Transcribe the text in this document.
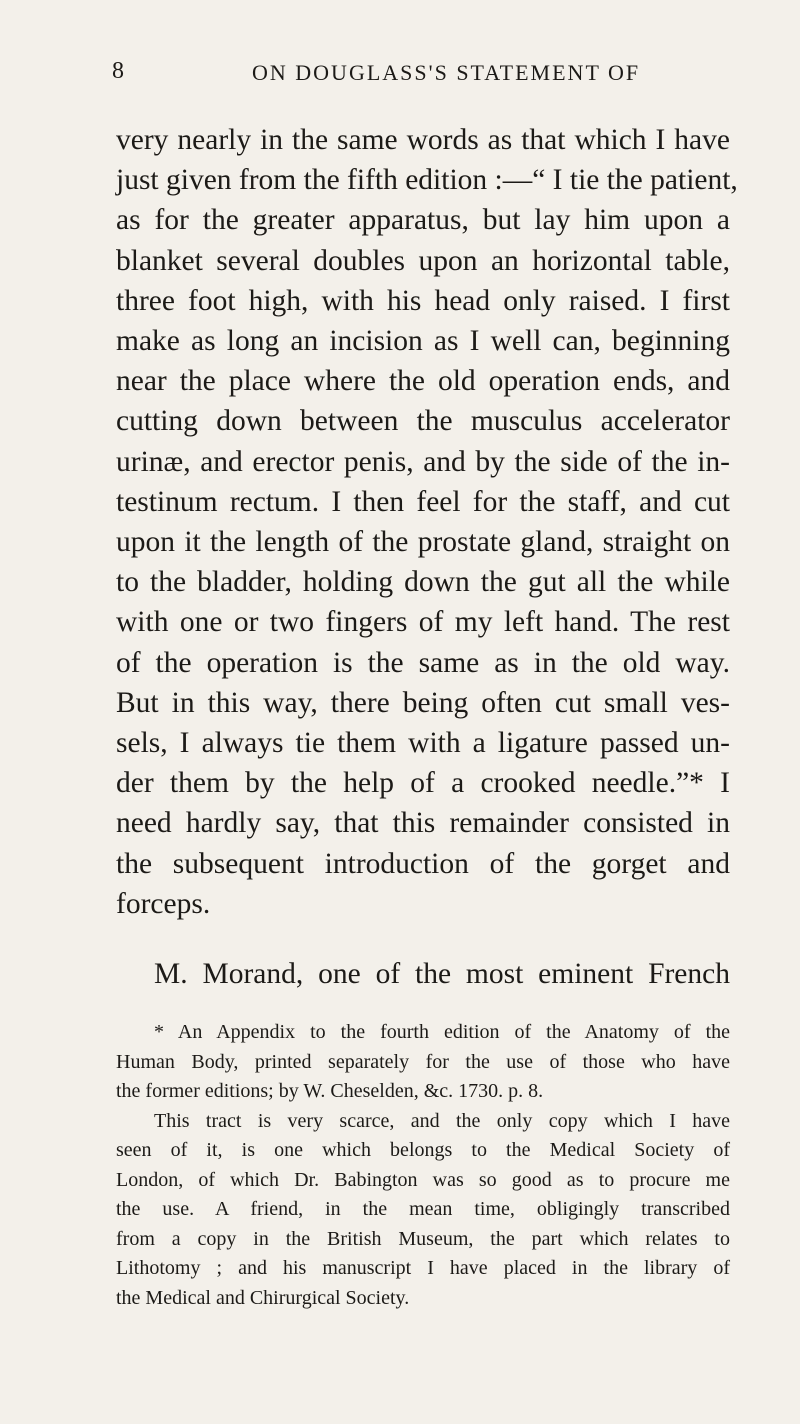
8	ON DOUGLASS'S STATEMENT OF
very nearly in the same words as that which I have
just given from the fifth edition :—“ I tie the patient,
as for the greater apparatus, but lay him upon a
blanket several doubles upon an horizontal table,
three foot high, with his head only raised. I first
make as long an incision as I well can, beginning
near the place where the old operation ends, and
cutting down between the musculus accelerator
urinæ, and erector penis, and by the side of the in-
testinum rectum. I then feel for the staff, and cut
upon it the length of the prostate gland, straight on
to the bladder, holding down the gut all the while
with one or two fingers of my left hand. The rest
of the operation is the same as in the old way.
But in this way, there being often cut small ves-
sels, I always tie them with a ligature passed un-
der them by the help of a crooked needle.”* I
need hardly say, that this remainder consisted in
the subsequent introduction of the gorget and
forceps.
M. Morand, one of the most eminent French
* An Appendix to the fourth edition of the Anatomy of the
Human Body, printed separately for the use of those who have
the former editions; by W. Cheselden, &c. 1730. p. 8.
This tract is very scarce, and the only copy which I have
seen of it, is one which belongs to the Medical Society of
London, of which Dr. Babington was so good as to procure me
the use. A friend, in the mean time, obligingly transcribed
from a copy in the British Museum, the part which relates to
Lithotomy ; and his manuscript I have placed in the library of
the Medical and Chirurgical Society.
